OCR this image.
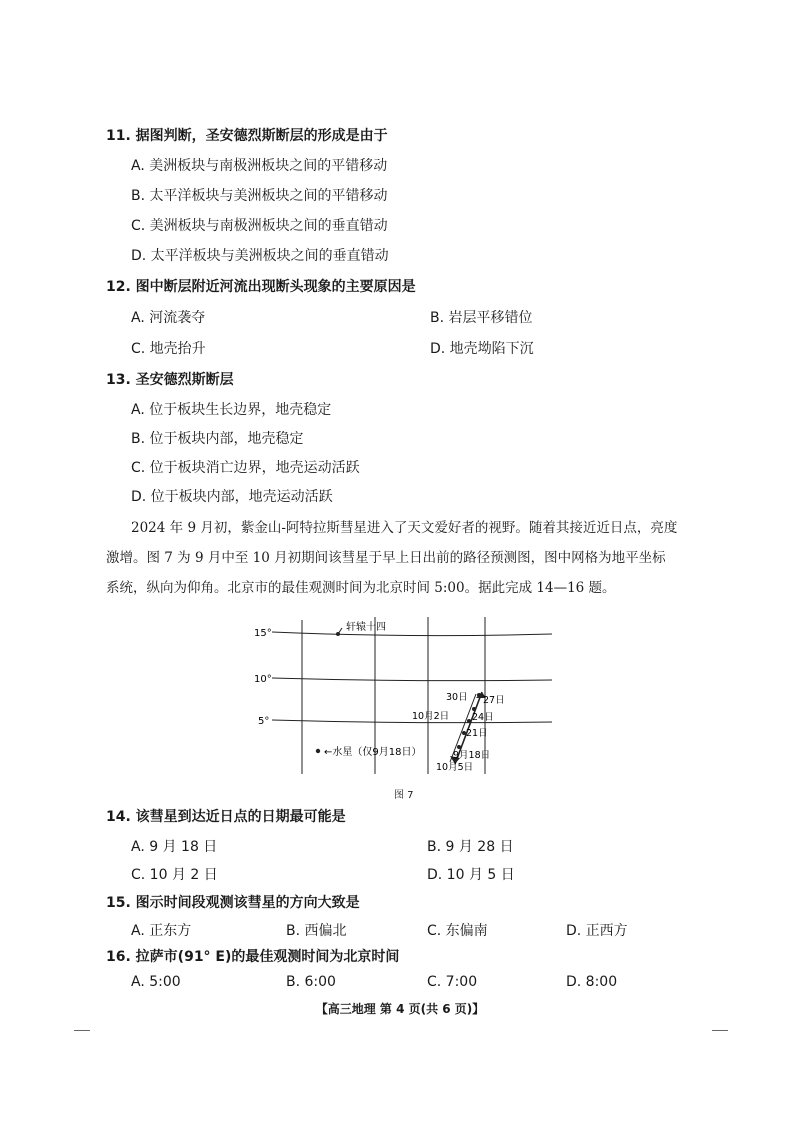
11. 据图判断，圣安德烈斯断层的形成是由于
A. 美洲板块与南极洲板块之间的平错移动
B. 太平洋板块与美洲板块之间的平错移动
C. 美洲板块与南极洲板块之间的垂直错动
D. 太平洋板块与美洲板块之间的垂直错动
12. 图中断层附近河流出现断头现象的主要原因是
A. 河流袭夺	B. 岩层平移错位
C. 地壳抬升	D. 地壳坳陷下沉
13. 圣安德烈斯断层
A. 位于板块生长边界，地壳稳定
B. 位于板块内部，地壳稳定
C. 位于板块消亡边界，地壳运动活跃
D. 位于板块内部，地壳运动活跃
2024 年 9 月初，紫金山-阿特拉斯彗星进入了天文爱好者的视野。随着其接近近日点，亮度
激增。图 7 为 9 月中至 10 月初期间该彗星于早上日出前的路径预测图，图中网格为地平坐标
系统，纵向为仰角。北京市的最佳观测时间为北京时间 5:00。据此完成 14—16 题。
15°
10°
5°
轩辕十四
←水星（仅9月18日）
30日 27日
10月2日 24日
21日
9月18日
10月5日
图 7
14. 该彗星到达近日点的日期最可能是
A. 9 月 18 日	B. 9 月 28 日
C. 10 月 2 日	D. 10 月 5 日
15. 图示时间段观测该彗星的方向大致是
A. 正东方	B. 西偏北	C. 东偏南	D. 正西方
16. 拉萨市(91° E)的最佳观测时间为北京时间
A. 5:00	B. 6:00	C. 7:00	D. 8:00
【高三地理 第 4 页(共 6 页)】
